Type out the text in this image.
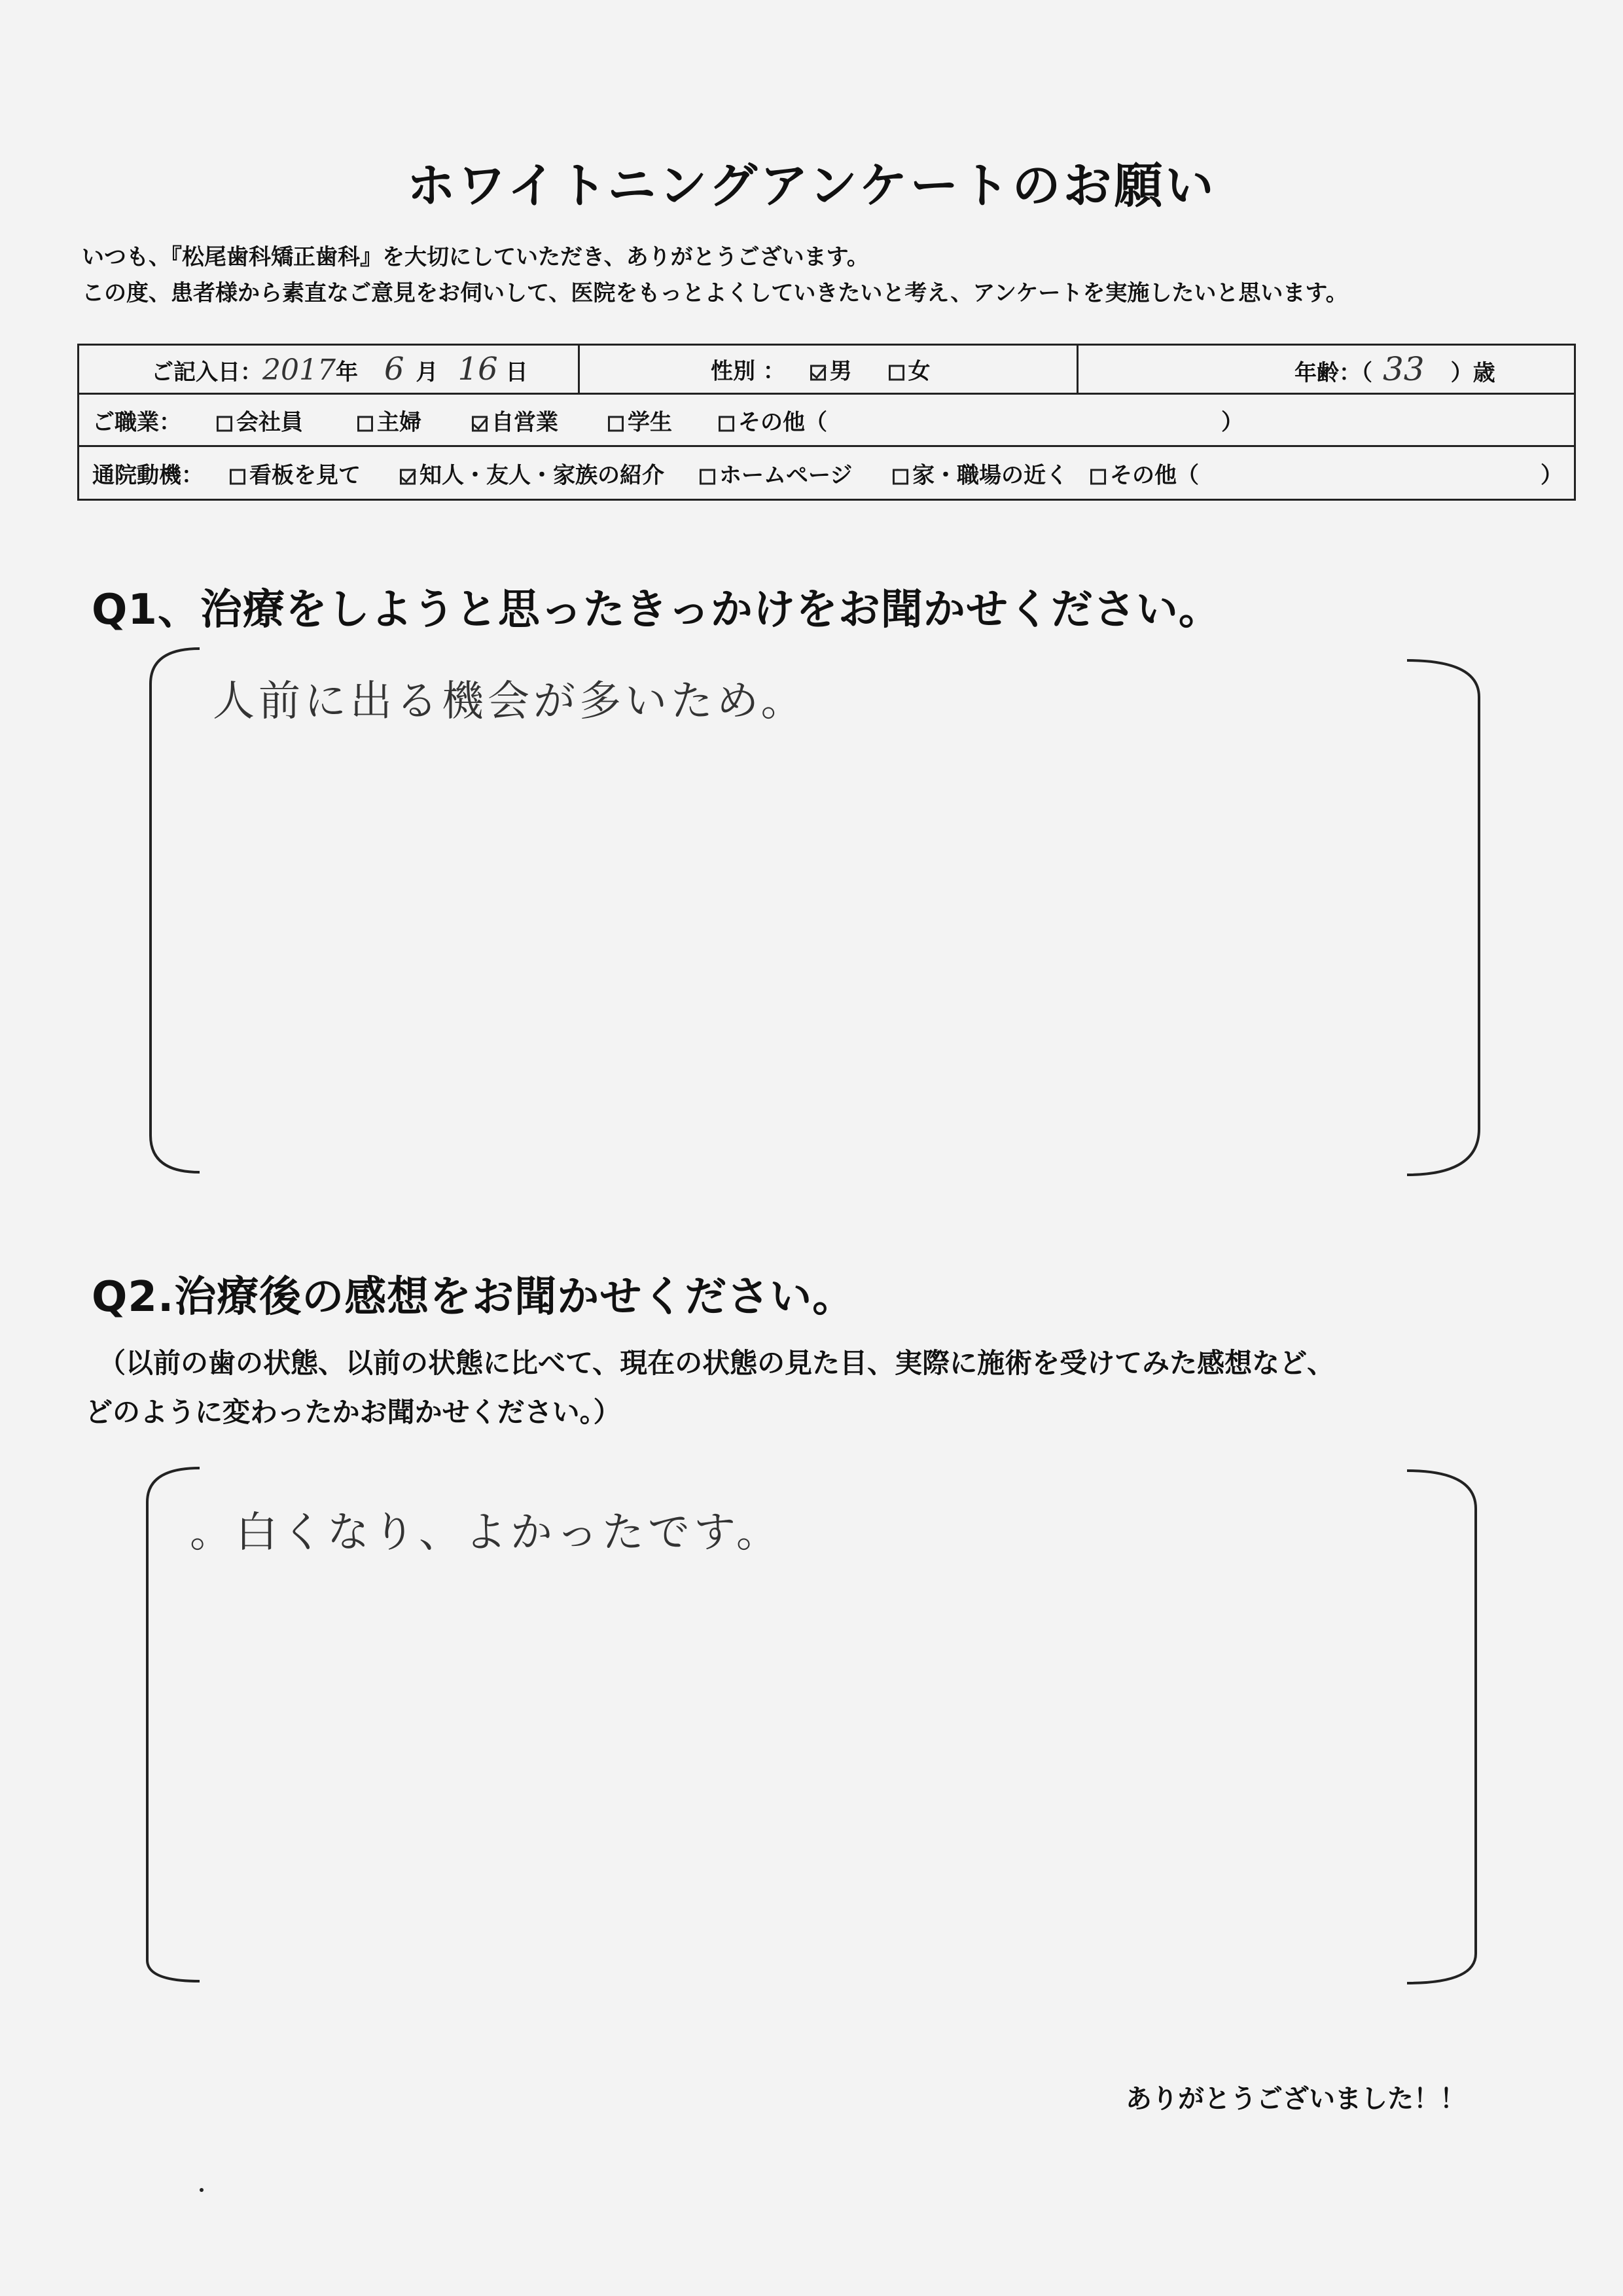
ホワイトニングアンケートのお願い
いつも、『松尾歯科矯正歯科』を大切にしていただき、ありがとうございます。
この度、患者様から素直なご意見をお伺いして、医院をもっとよくしていきたいと考え、アンケートを実施したいと思います。
ご記入日：2017年 6 月 16 日	性別 ： 男	女	年齢：（ 33 ）歳
ご職業：	会社員	主婦	自営業	学生	その他（	）
通院動機：	看板を見て	知人・友人・家族の紹介	ホームページ	家・職場の近く	その他（	）
Q1、治療をしようと思ったきっかけをお聞かせください。
人前に出る機会が多いため。
Q2.治療後の感想をお聞かせください。
（以前の歯の状態、以前の状態に比べて、現在の状態の見た目、実際に施術を受けてみた感想など、
どのように変わったかお聞かせください。）
。白くなり、よかったです。
ありがとうございました！！
